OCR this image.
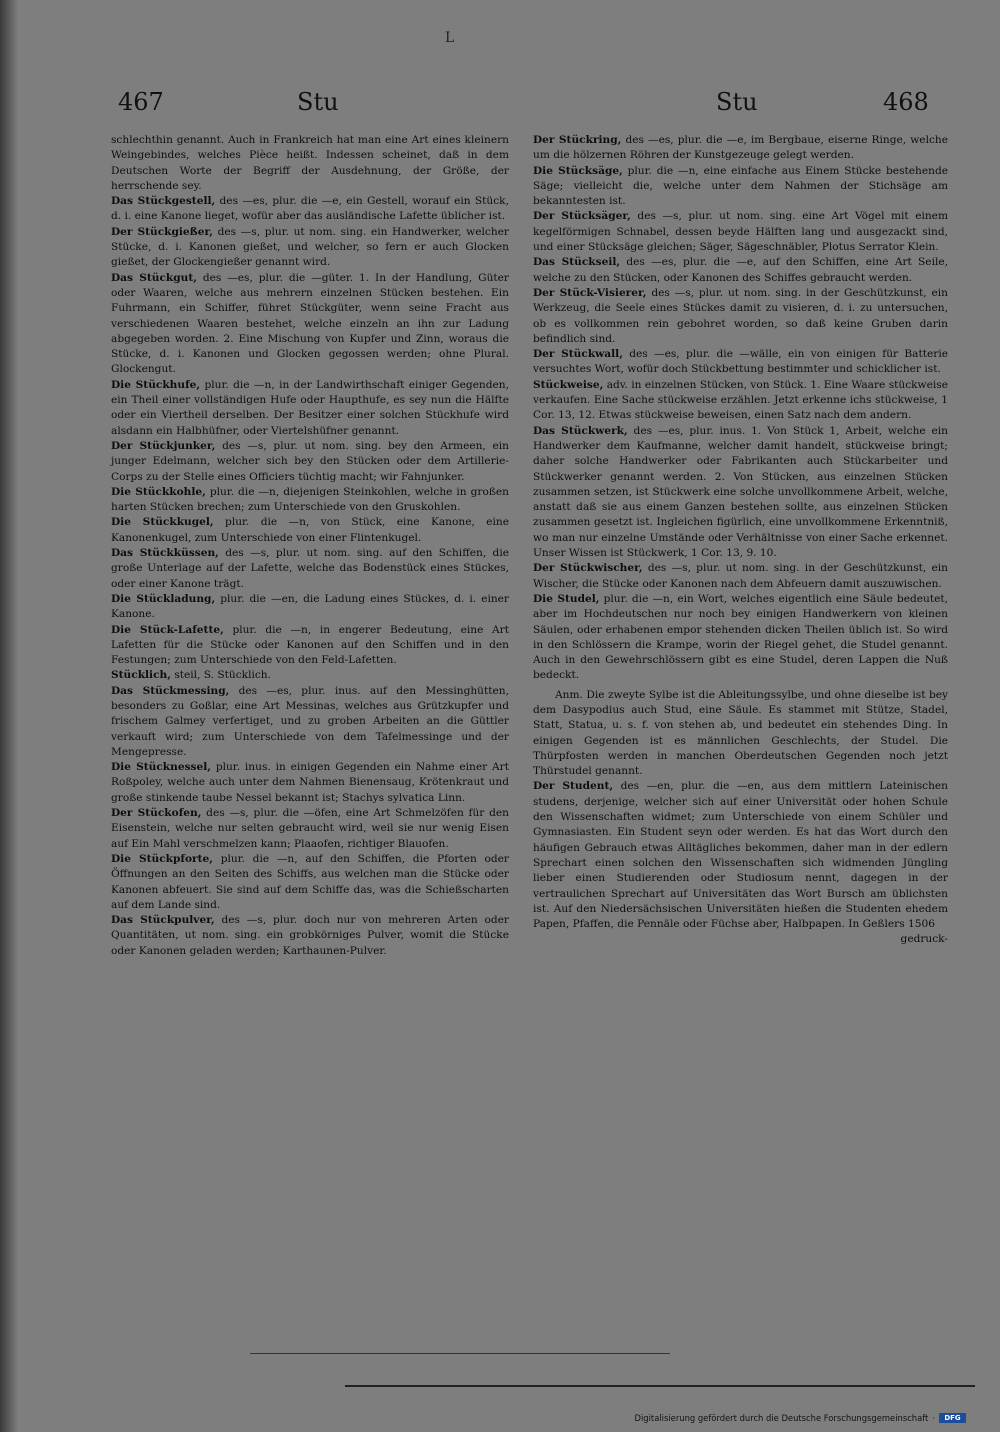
L
467	Stu	Stu	468

schlechthin genannt. Auch in Frankreich hat man eine Art eines kleinern Weingebindes, welches Pièce heißt. Indessen scheinet, daß in dem Deutschen Worte der Begriff der Ausdehnung, der Größe, der herrschende sey.

Das Stückgestell, des —es, plur. die —e, ein Gestell, worauf ein Stück, d. i. eine Kanone lieget, wofür aber das ausländische Lafette üblicher ist.

Der Stückgießer, des —s, plur. ut nom. sing. ein Handwerker, welcher Stücke, d. i. Kanonen gießet, und welcher, so fern er auch Glocken gießet, der Glockengießer genannt wird.

Das Stückgut, des —es, plur. die —güter. 1. In der Handlung, Güter oder Waaren, welche aus mehrern einzelnen Stücken bestehen. Ein Fuhrmann, ein Schiffer, führet Stückgüter, wenn seine Fracht aus verschiedenen Waaren bestehet, welche einzeln an ihn zur Ladung abgegeben worden. 2. Eine Mischung von Kupfer und Zinn, woraus die Stücke, d. i. Kanonen und Glocken gegossen werden; ohne Plural. Glockengut.

Die Stückhufe, plur. die —n, in der Landwirthschaft einiger Gegenden, ein Theil einer vollständigen Hufe oder Haupthufe, es sey nun die Hälfte oder ein Viertheil derselben. Der Besitzer einer solchen Stückhufe wird alsdann ein Halbhüfner, oder Viertelshüfner genannt.

Der Stückjunker, des —s, plur. ut nom. sing. bey den Armeen, ein junger Edelmann, welcher sich bey den Stücken oder dem Artillerie-Corps zu der Stelle eines Officiers tüchtig macht; wir Fahnjunker.

Die Stückkohle, plur. die —n, diejenigen Steinkohlen, welche in großen harten Stücken brechen; zum Unterschiede von den Gruskohlen.

Die Stückkugel, plur. die —n, von Stück, eine Kanone, eine Kanonenkugel, zum Unterschiede von einer Flintenkugel.

Das Stückküssen, des —s, plur. ut nom. sing. auf den Schiffen, die große Unterlage auf der Lafette, welche das Bodenstück eines Stückes, oder einer Kanone trägt.

Die Stückladung, plur. die —en, die Ladung eines Stückes, d. i. einer Kanone.

Die Stück-Lafette, plur. die —n, in engerer Bedeutung, eine Art Lafetten für die Stücke oder Kanonen auf den Schiffen und in den Festungen; zum Unterschiede von den Feld-Lafetten.

Stücklich, steil, S. Stücklich.

Das Stückmessing, des —es, plur. inus. auf den Messinghütten, besonders zu Goßlar, eine Art Messinas, welches aus Grützkupfer und frischem Galmey verfertiget, und zu groben Arbeiten an die Güttler verkauft wird; zum Unterschiede von dem Tafelmessinge und der Mengepresse.

Die Stücknessel, plur. inus. in einigen Gegenden ein Nahme einer Art Roßpoley, welche auch unter dem Nahmen Bienensaug, Krötenkraut und große stinkende taube Nessel bekannt ist; Stachys sylvatica Linn.

Der Stückofen, des —s, plur. die —öfen, eine Art Schmelzöfen für den Eisenstein, welche nur selten gebraucht wird, weil sie nur wenig Eisen auf Ein Mahl verschmelzen kann; Plaaofen, richtiger Blauofen.

Die Stückpforte, plur. die —n, auf den Schiffen, die Pforten oder Öffnungen an den Seiten des Schiffs, aus welchen man die Stücke oder Kanonen abfeuert. Sie sind auf dem Schiffe das, was die Schießscharten auf dem Lande sind.

Das Stückpulver, des —s, plur. doch nur von mehreren Arten oder Quantitäten, ut nom. sing. ein grobkörniges Pulver, womit die Stücke oder Kanonen geladen werden; Karthaunen-Pulver.

Der Stückring, des —es, plur. die —e, im Bergbaue, eiserne Ringe, welche um die hölzernen Röhren der Kunstgezeuge gelegt werden.

Die Stücksäge, plur. die —n, eine einfache aus Einem Stücke bestehende Säge; vielleicht die, welche unter dem Nahmen der Stichsäge am bekanntesten ist.

Der Stücksäger, des —s, plur. ut nom. sing. eine Art Vögel mit einem kegelförmigen Schnabel, dessen beyde Hälften lang und ausgezackt sind, und einer Stücksäge gleichen; Säger, Sägeschnäbler, Plotus Serrator Klein.

Das Stückseil, des —es, plur. die —e, auf den Schiffen, eine Art Seile, welche zu den Stücken, oder Kanonen des Schiffes gebraucht werden.

Der Stück-Visierer, des —s, plur. ut nom. sing. in der Geschützkunst, ein Werkzeug, die Seele eines Stückes damit zu visieren, d. i. zu untersuchen, ob es vollkommen rein gebohret worden, so daß keine Gruben darin befindlich sind.

Der Stückwall, des —es, plur. die —wälle, ein von einigen für Batterie versuchtes Wort, wofür doch Stückbettung bestimmter und schicklicher ist.

Stückweise, adv. in einzelnen Stücken, von Stück. 1. Eine Waare stückweise verkaufen. Eine Sache stückweise erzählen. Jetzt erkenne ichs stückweise, 1 Cor. 13, 12. Etwas stückweise beweisen, einen Satz nach dem andern.

Das Stückwerk, des —es, plur. inus. 1. Von Stück 1, Arbeit, welche ein Handwerker dem Kaufmanne, welcher damit handelt, stückweise bringt; daher solche Handwerker oder Fabrikanten auch Stückarbeiter und Stückwerker genannt werden. 2. Von Stücken, aus einzelnen Stücken zusammen setzen, ist Stückwerk eine solche unvollkommene Arbeit, welche, anstatt daß sie aus einem Ganzen bestehen sollte, aus einzelnen Stücken zusammen gesetzt ist. Ingleichen figürlich, eine unvollkommene Erkenntniß, wo man nur einzelne Umstände oder Verhältnisse von einer Sache erkennet. Unser Wissen ist Stückwerk, 1 Cor. 13, 9. 10.

Der Stückwischer, des —s, plur. ut nom. sing. in der Geschützkunst, ein Wischer, die Stücke oder Kanonen nach dem Abfeuern damit auszuwischen.

Die Studel, plur. die —n, ein Wort, welches eigentlich eine Säule bedeutet, aber im Hochdeutschen nur noch bey einigen Handwerkern von kleinen Säulen, oder erhabenen empor stehenden dicken Theilen üblich ist. So wird in den Schlössern die Krampe, worin der Riegel gehet, die Studel genannt. Auch in den Gewehrschlössern gibt es eine Studel, deren Lappen die Nuß bedeckt.

Anm. Die zweyte Sylbe ist die Ableitungssylbe, und ohne dieselbe ist bey dem Dasypodius auch Stud, eine Säule. Es stammet mit Stütze, Stadel, Statt, Statua, u. s. f. von stehen ab, und bedeutet ein stehendes Ding. In einigen Gegenden ist es männlichen Geschlechts, der Studel. Die Thürpfosten werden in manchen Oberdeutschen Gegenden noch jetzt Thürstudel genannt.

Der Student, des —en, plur. die —en, aus dem mittlern Lateinischen studens, derjenige, welcher sich auf einer Universität oder hohen Schule den Wissenschaften widmet; zum Unterschiede von einem Schüler und Gymnasiasten. Ein Student seyn oder werden. Es hat das Wort durch den häufigen Gebrauch etwas Alltägliches bekommen, daher man in der edlern Sprechart einen solchen den Wissenschaften sich widmenden Jüngling lieber einen Studierenden oder Studiosum nennt, dagegen in der vertraulichen Sprechart auf Universitäten das Wort Bursch am üblichsten ist. Auf den Niedersächsischen Universitäten hießen die Studenten ehedem Papen, Pfaffen, die Pennäle oder Füchse aber, Halbpapen. In Geßlers 1506

gedruck-
Digitalisierung gefördert durch die Deutsche Forschungsgemeinschaft ·	DFG
